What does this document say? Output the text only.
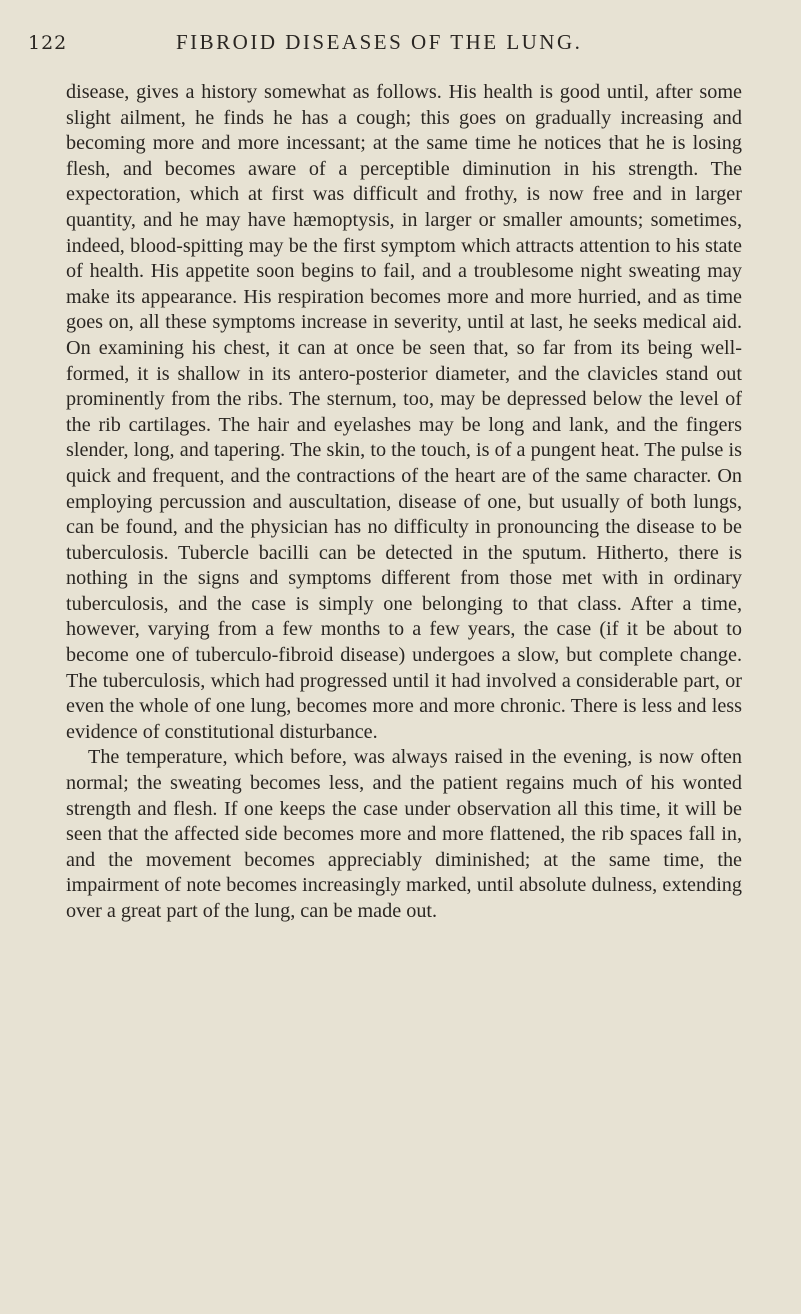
122	FIBROID DISEASES OF THE LUNG.

disease, gives a history somewhat as follows. His health is good until, after some slight ailment, he finds he has a cough; this goes on gradually increasing and becoming more and more incessant; at the same time he notices that he is losing flesh, and becomes aware of a perceptible diminution in his strength. The expectoration, which at first was difficult and frothy, is now free and in larger quantity, and he may have hæmoptysis, in larger or smaller amounts; sometimes, indeed, blood-spitting may be the first symptom which attracts attention to his state of health. His appetite soon begins to fail, and a troublesome night sweating may make its appearance. His respiration becomes more and more hurried, and as time goes on, all these symptoms increase in severity, until at last, he seeks medical aid. On examining his chest, it can at once be seen that, so far from its being well-formed, it is shallow in its antero-posterior diameter, and the clavicles stand out prominently from the ribs. The sternum, too, may be depressed below the level of the rib cartilages. The hair and eyelashes may be long and lank, and the fingers slender, long, and tapering. The skin, to the touch, is of a pungent heat. The pulse is quick and frequent, and the contractions of the heart are of the same character. On employing percussion and auscultation, disease of one, but usually of both lungs, can be found, and the physician has no difficulty in pronouncing the disease to be tuberculosis. Tubercle bacilli can be detected in the sputum. Hitherto, there is nothing in the signs and symptoms different from those met with in ordinary tuberculosis, and the case is simply one belonging to that class. After a time, however, varying from a few months to a few years, the case (if it be about to become one of tuberculo-fibroid disease) undergoes a slow, but complete change. The tuberculosis, which had progressed until it had involved a considerable part, or even the whole of one lung, becomes more and more chronic. There is less and less evidence of constitutional disturbance.

The temperature, which before, was always raised in the evening, is now often normal; the sweating becomes less, and the patient regains much of his wonted strength and flesh. If one keeps the case under observation all this time, it will be seen that the affected side becomes more and more flattened, the rib spaces fall in, and the movement becomes appreciably diminished; at the same time, the impairment of note becomes increasingly marked, until absolute dulness, extending over a great part of the lung, can be made out.
